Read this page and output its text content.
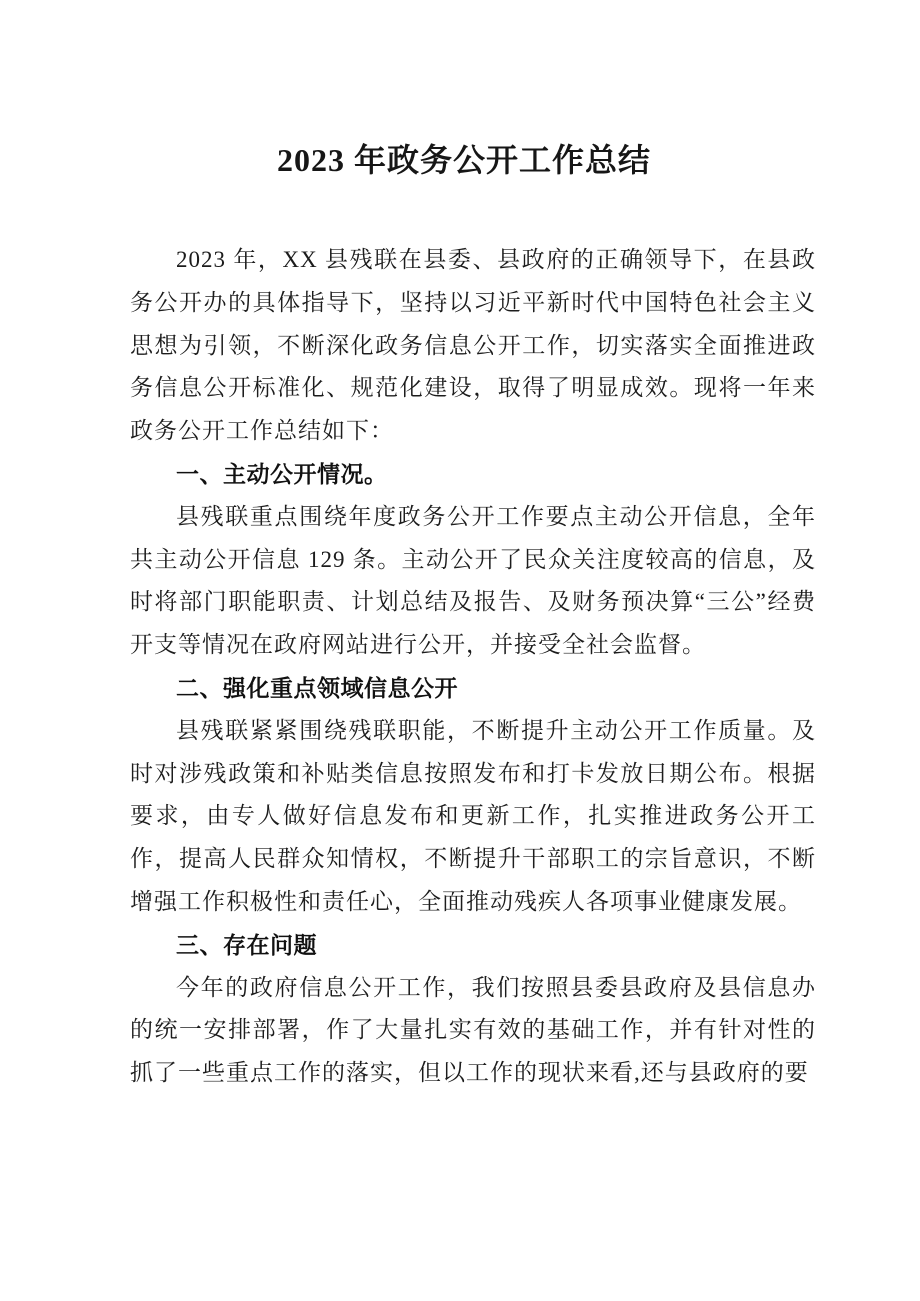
2023 年政务公开工作总结

2023 年，XX 县残联在县委、县政府的正确领导下，在县政务公开办的具体指导下，坚持以习近平新时代中国特色社会主义思想为引领，不断深化政务信息公开工作，切实落实全面推进政务信息公开标准化、规范化建设，取得了明显成效。现将一年来政务公开工作总结如下：

一、主动公开情况。

县残联重点围绕年度政务公开工作要点主动公开信息，全年共主动公开信息 129 条。主动公开了民众关注度较高的信息，及时将部门职能职责、计划总结及报告、及财务预决算“三公”经费开支等情况在政府网站进行公开，并接受全社会监督。

二、强化重点领域信息公开

县残联紧紧围绕残联职能，不断提升主动公开工作质量。及时对涉残政策和补贴类信息按照发布和打卡发放日期公布。根据要求，由专人做好信息发布和更新工作，扎实推进政务公开工作，提高人民群众知情权，不断提升干部职工的宗旨意识，不断增强工作积极性和责任心，全面推动残疾人各项事业健康发展。

三、存在问题

今年的政府信息公开工作，我们按照县委县政府及县信息办的统一安排部署，作了大量扎实有效的基础工作，并有针对性的抓了一些重点工作的落实，但以工作的现状来看,还与县政府的要
